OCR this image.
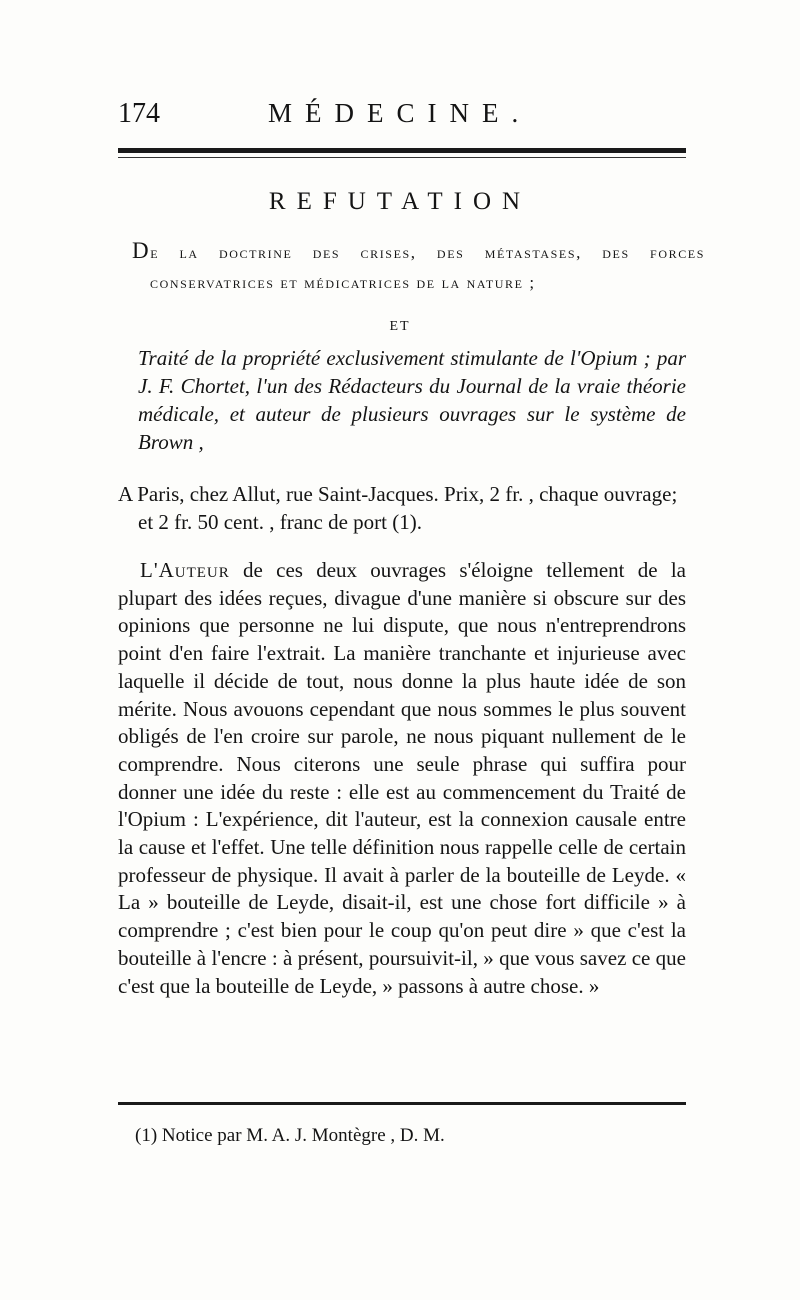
174	MÉDECINE.
REFUTATION
De la doctrine des crises, des métastases, des forces conservatrices et médicatrices de la nature ;
ET
Traité de la propriété exclusivement stimulante de l'Opium ; par J. F. Chortet, l'un des Rédacteurs du Journal de la vraie théorie médicale, et auteur de plusieurs ouvrages sur le système de Brown ,
A Paris, chez Allut, rue Saint-Jacques. Prix, 2 fr. , chaque ouvrage; et 2 fr. 50 cent. , franc de port (1).

L'Auteur de ces deux ouvrages s'éloigne tellement de la plupart des idées reçues, divague d'une manière si obscure sur des opinions que personne ne lui dispute, que nous n'entreprendrons point d'en faire l'extrait. La manière tranchante et injurieuse avec laquelle il décide de tout, nous donne la plus haute idée de son mérite. Nous avouons cependant que nous sommes le plus souvent obligés de l'en croire sur parole, ne nous piquant nullement de le comprendre. Nous citerons une seule phrase qui suffira pour donner une idée du reste : elle est au commencement du Traité de l'Opium : L'expérience, dit l'auteur, est la connexion causale entre la cause et l'effet. Une telle définition nous rappelle celle de certain professeur de physique. Il avait à parler de la bouteille de Leyde. « La » bouteille de Leyde, disait-il, est une chose fort difficile » à comprendre ; c'est bien pour le coup qu'on peut dire » que c'est la bouteille à l'encre : à présent, poursuivit-il, » que vous savez ce que c'est que la bouteille de Leyde, » passons à autre chose. »

(1) Notice par M. A. J. Montègre , D. M.
